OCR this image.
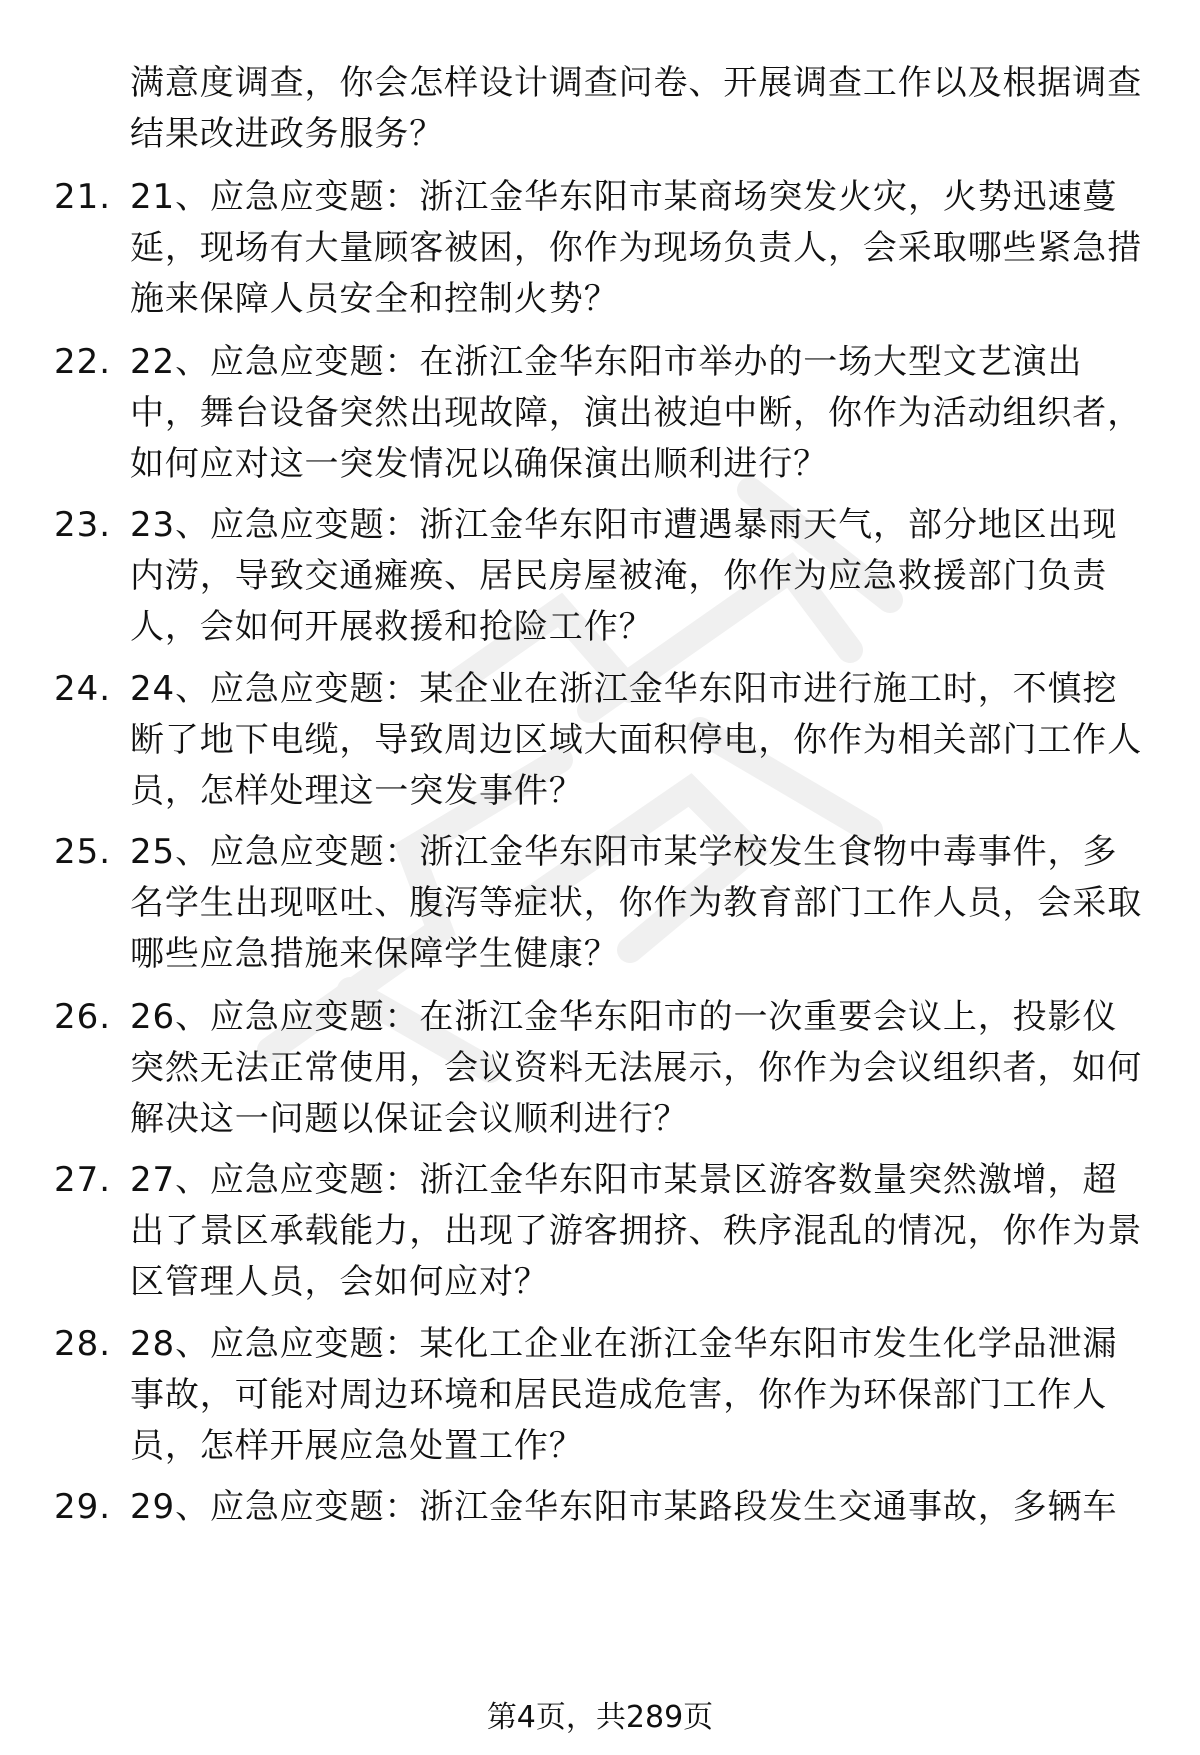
满意度调查，你会怎样设计调查问卷、开展调查工作以及根据调查结果改进政务服务？
21. 21、应急应变题：浙江金华东阳市某商场突发火灾，火势迅速蔓延，现场有大量顾客被困，你作为现场负责人，会采取哪些紧急措施来保障人员安全和控制火势？
22. 22、应急应变题：在浙江金华东阳市举办的一场大型文艺演出中，舞台设备突然出现故障，演出被迫中断，你作为活动组织者，如何应对这一突发情况以确保演出顺利进行？
23. 23、应急应变题：浙江金华东阳市遭遇暴雨天气，部分地区出现内涝，导致交通瘫痪、居民房屋被淹，你作为应急救援部门负责人，会如何开展救援和抢险工作？
24. 24、应急应变题：某企业在浙江金华东阳市进行施工时，不慎挖断了地下电缆，导致周边区域大面积停电，你作为相关部门工作人员，怎样处理这一突发事件？
25. 25、应急应变题：浙江金华东阳市某学校发生食物中毒事件，多名学生出现呕吐、腹泻等症状，你作为教育部门工作人员，会采取哪些应急措施来保障学生健康？
26. 26、应急应变题：在浙江金华东阳市的一次重要会议上，投影仪突然无法正常使用，会议资料无法展示，你作为会议组织者，如何解决这一问题以保证会议顺利进行？
27. 27、应急应变题：浙江金华东阳市某景区游客数量突然激增，超出了景区承载能力，出现了游客拥挤、秩序混乱的情况，你作为景区管理人员，会如何应对？
28. 28、应急应变题：某化工企业在浙江金华东阳市发生化学品泄漏事故，可能对周边环境和居民造成危害，你作为环保部门工作人员，怎样开展应急处置工作？
29. 29、应急应变题：浙江金华东阳市某路段发生交通事故，多辆车
第4页，共289页
